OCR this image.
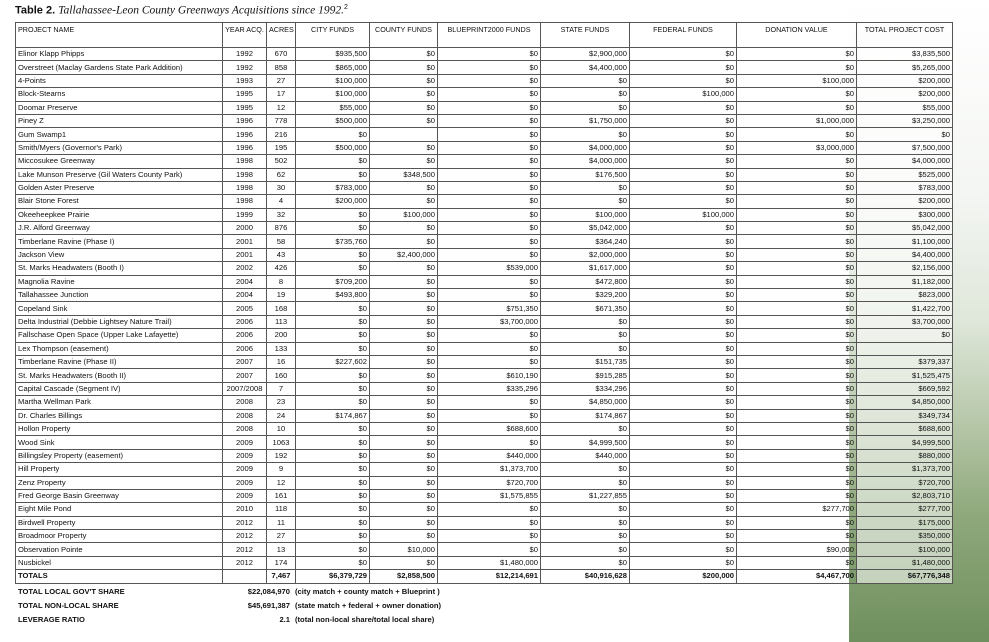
Table 2. Tallahassee-Leon County Greenways Acquisitions since 1992.$^2$
PROJECT NAME	YEAR ACQ.	ACRES	CITY FUNDS	COUNTY FUNDS	BLUEPRINT2000 FUNDS	STATE FUNDS	FEDERAL FUNDS	DONATION VALUE	TOTAL PROJECT COST
Elinor Klapp Phipps	1992	670	$935,500	$0	$0	$2,900,000	$0	$0	$3,835,500
Overstreet (Maclay Gardens State Park Addition)	1992	858	$865,000	$0	$0	$4,400,000	$0	$0	$5,265,000
4-Points	1993	27	$100,000	$0	$0	$0	$0	$100,000	$200,000
Block-Stearns	1995	17	$100,000	$0	$0	$0	$100,000	$0	$200,000
Doomar Preserve	1995	12	$55,000	$0	$0	$0	$0	$0	$55,000
Piney Z	1996	778	$500,000	$0	$0	$1,750,000	$0	$1,000,000	$3,250,000
Gum Swamp1	1996	216	$0		$0	$0	$0	$0	$0
Smith/Myers (Governor's Park)	1996	195	$500,000	$0	$0	$4,000,000	$0	$3,000,000	$7,500,000
Miccosukee Greenway	1998	502	$0	$0	$0	$4,000,000	$0	$0	$4,000,000
Lake Munson Preserve (Gil Waters County Park)	1998	62	$0	$348,500	$0	$176,500	$0	$0	$525,000
Golden Aster Preserve	1998	30	$783,000	$0	$0	$0	$0	$0	$783,000
Blair Stone Forest	1998	4	$200,000	$0	$0	$0	$0	$0	$200,000
Okeeheepkee Prairie	1999	32	$0	$100,000	$0	$100,000	$100,000	$0	$300,000
J.R. Alford Greenway	2000	876	$0	$0	$0	$5,042,000	$0	$0	$5,042,000
Timberlane Ravine (Phase I)	2001	58	$735,760	$0	$0	$364,240	$0	$0	$1,100,000
Jackson View	2001	43	$0	$2,400,000	$0	$2,000,000	$0	$0	$4,400,000
St. Marks Headwaters (Booth I)	2002	426	$0	$0	$539,000	$1,617,000	$0	$0	$2,156,000
Magnolia Ravine	2004	8	$709,200	$0	$0	$472,800	$0	$0	$1,182,000
Tallahassee Junction	2004	19	$493,800	$0	$0	$329,200	$0	$0	$823,000
Copeland Sink	2005	168	$0	$0	$751,350	$671,350	$0	$0	$1,422,700
Delta Industrial (Debbie Lightsey Nature Trail)	2006	113	$0	$0	$3,700,000	$0	$0	$0	$3,700,000
Fallschase Open Space (Upper Lake Lafayette)	2006	200	$0	$0	$0	$0	$0	$0	$0
Lex Thompson (easement)	2006	133	$0	$0	$0	$0	$0	$0	
Timberlane Ravine (Phase II)	2007	16	$227,602	$0	$0	$151,735	$0	$0	$379,337
St. Marks Headwaters (Booth II)	2007	160	$0	$0	$610,190	$915,285	$0	$0	$1,525,475
Capital Cascade (Segment IV)	2007/2008	7	$0	$0	$335,296	$334,296	$0	$0	$669,592
Martha Wellman Park	2008	23	$0	$0	$0	$4,850,000	$0	$0	$4,850,000
Dr. Charles Billings	2008	24	$174,867	$0	$0	$174,867	$0	$0	$349,734
Hollon Property	2008	10	$0	$0	$688,600	$0	$0	$0	$688,600
Wood Sink	2009	1063	$0	$0	$0	$4,999,500	$0	$0	$4,999,500
Billingsley Property (easement)	2009	192	$0	$0	$440,000	$440,000	$0	$0	$880,000
Hill Property	2009	9	$0	$0	$1,373,700	$0	$0	$0	$1,373,700
Zenz Property	2009	12	$0	$0	$720,700	$0	$0	$0	$720,700
Fred George Basin Greenway	2009	161	$0	$0	$1,575,855	$1,227,855	$0	$0	$2,803,710
Eight Mile Pond	2010	118	$0	$0	$0	$0	$0	$277,700	$277,700
Birdwell Property	2012	11	$0	$0	$0	$0	$0	$0	$175,000
Broadmoor Property	2012	27	$0	$0	$0	$0	$0	$0	$350,000
Observation Pointe	2012	13	$0	$10,000	$0	$0	$0	$90,000	$100,000
Nusbickel	2012	174	$0	$0	$1,480,000	$0	$0	$0	$1,480,000
TOTALS		7,467	$6,379,729	$2,858,500	$12,214,691	$40,916,628	$200,000	$4,467,700	$67,776,348
TOTAL LOCAL GOV'T SHARE	$22,084,970 (city match + county match + Blueprint )
TOTAL NON-LOCAL SHARE	$45,691,387 (state match + federal + owner donation)
LEVERAGE RATIO	2.1 (total non-local share/total local share)
